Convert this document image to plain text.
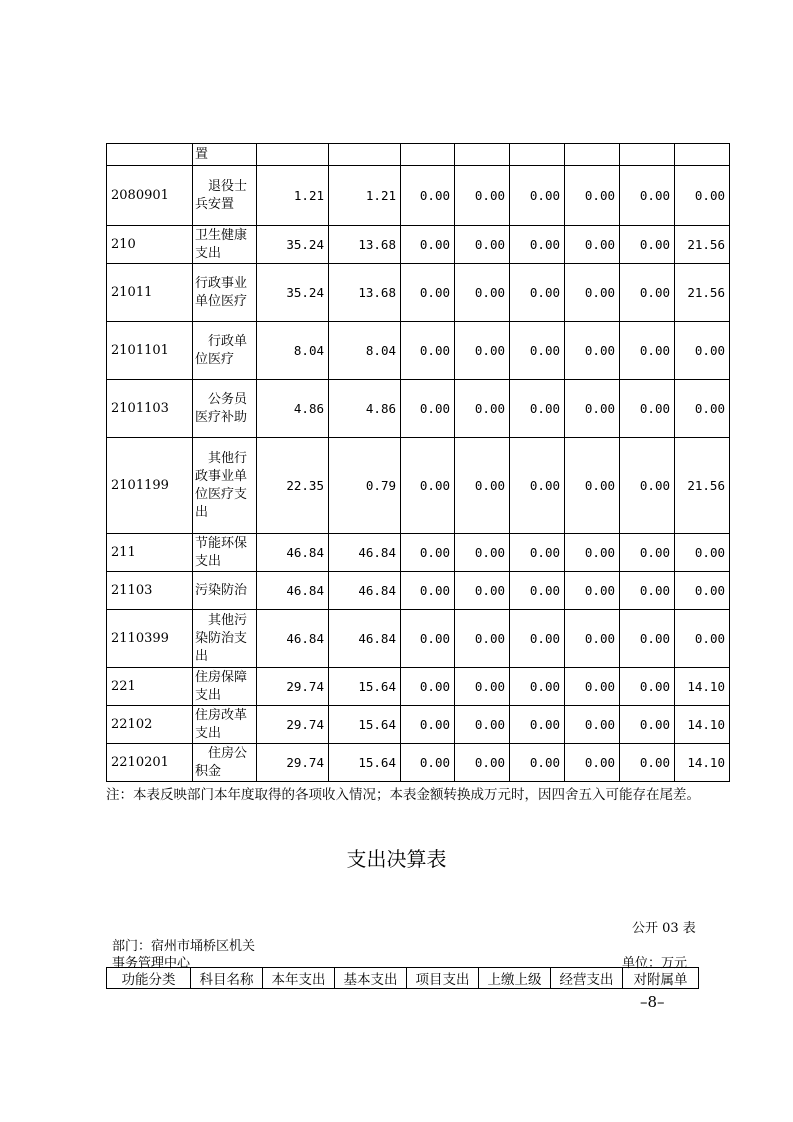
	置								

2080901	　退役士兵安置	1.21	1.21	0.00	0.00	0.00	0.00	0.00	0.00
210	卫生健康支出	35.24	13.68	0.00	0.00	0.00	0.00	0.00	21.56
21011	行政事业单位医疗	35.24	13.68	0.00	0.00	0.00	0.00	0.00	21.56
2101101	　行政单位医疗	8.04	8.04	0.00	0.00	0.00	0.00	0.00	0.00
2101103	　公务员医疗补助	4.86	4.86	0.00	0.00	0.00	0.00	0.00	0.00
2101199	　其他行政事业单位医疗支出	22.35	0.79	0.00	0.00	0.00	0.00	0.00	21.56
211	节能环保支出	46.84	46.84	0.00	0.00	0.00	0.00	0.00	0.00
21103	污染防治	46.84	46.84	0.00	0.00	0.00	0.00	0.00	0.00
2110399	　其他污染防治支出	46.84	46.84	0.00	0.00	0.00	0.00	0.00	0.00
221	住房保障支出	29.74	15.64	0.00	0.00	0.00	0.00	0.00	14.10
22102	住房改革支出	29.74	15.64	0.00	0.00	0.00	0.00	0.00	14.10
2210201	　住房公积金	29.74	15.64	0.00	0.00	0.00	0.00	0.00	14.10
注：本表反映部门本年度取得的各项收入情况；本表金额转换成万元时，因四舍五入可能存在尾差。
支出决算表
公开 03 表
部门：宿州市埇桥区机关
事务管理中心	单位：万元
功能分类	科目名称	本年支出	基本支出	项目支出	上缴上级	经营支出	对附属单
–8–
